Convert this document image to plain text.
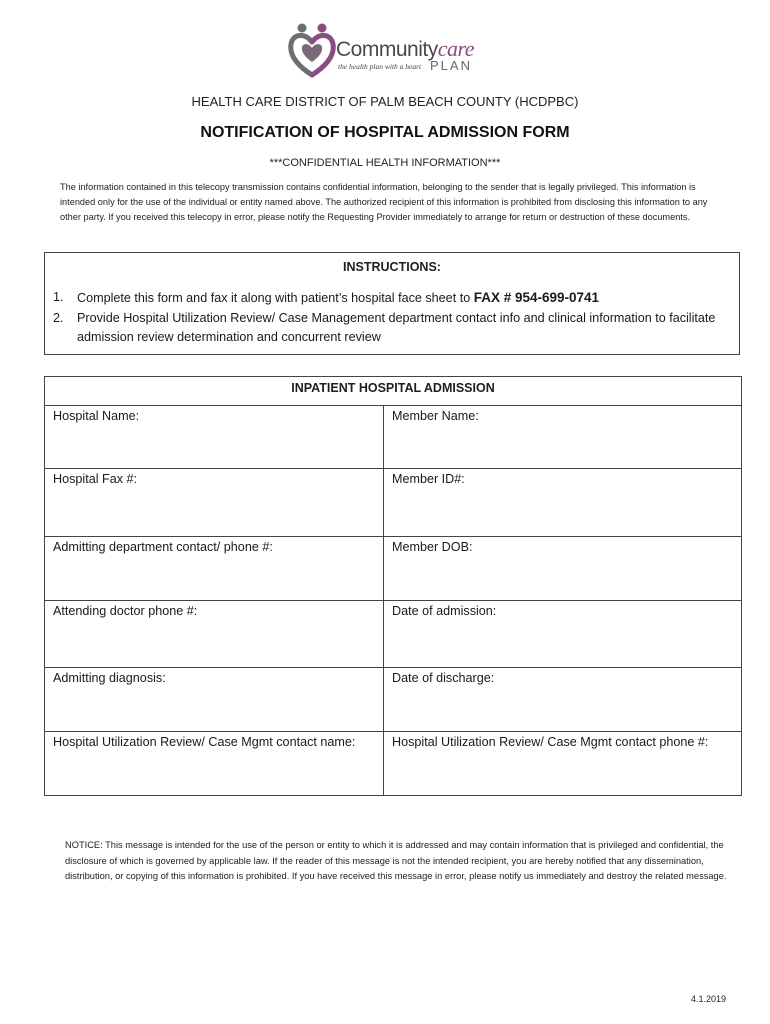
Communitycare
the health plan with a heart PLAN
HEALTH CARE DISTRICT OF PALM BEACH COUNTY (HCDPBC)
NOTIFICATION OF HOSPITAL ADMISSION FORM
***CONFIDENTIAL HEALTH INFORMATION***
The information contained in this telecopy transmission contains confidential information, belonging to the sender that is legally privileged. This information is intended only for the use of the individual or entity named above. The authorized recipient of this information is prohibited from disclosing this information to any other party. If you received this telecopy in error, please notify the Requesting Provider immediately to arrange for return or destruction of these documents.
INSTRUCTIONS:
1.	Complete this form and fax it along with patient’s hospital face sheet to FAX # 954-699-0741
2.	Provide Hospital Utilization Review/ Case Management department contact info and clinical information to facilitate admission review determination and concurrent review
INPATIENT HOSPITAL ADMISSION
Hospital Name:	Member Name:
Hospital Fax #:	Member ID#:
Admitting department contact/ phone #:	Member DOB:
Attending doctor phone #:	Date of admission:
Admitting diagnosis:	Date of discharge:
Hospital Utilization Review/ Case Mgmt contact name:	Hospital Utilization Review/ Case Mgmt contact phone #:
NOTICE: This message is intended for the use of the person or entity to which it is addressed and may contain information that is privileged and confidential, the disclosure of which is governed by applicable law. If the reader of this message is not the intended recipient, you are hereby notified that any dissemination, distribution, or copying of this information is prohibited. If you have received this message in error, please notify us immediately and destroy the related message.
4.1.2019
